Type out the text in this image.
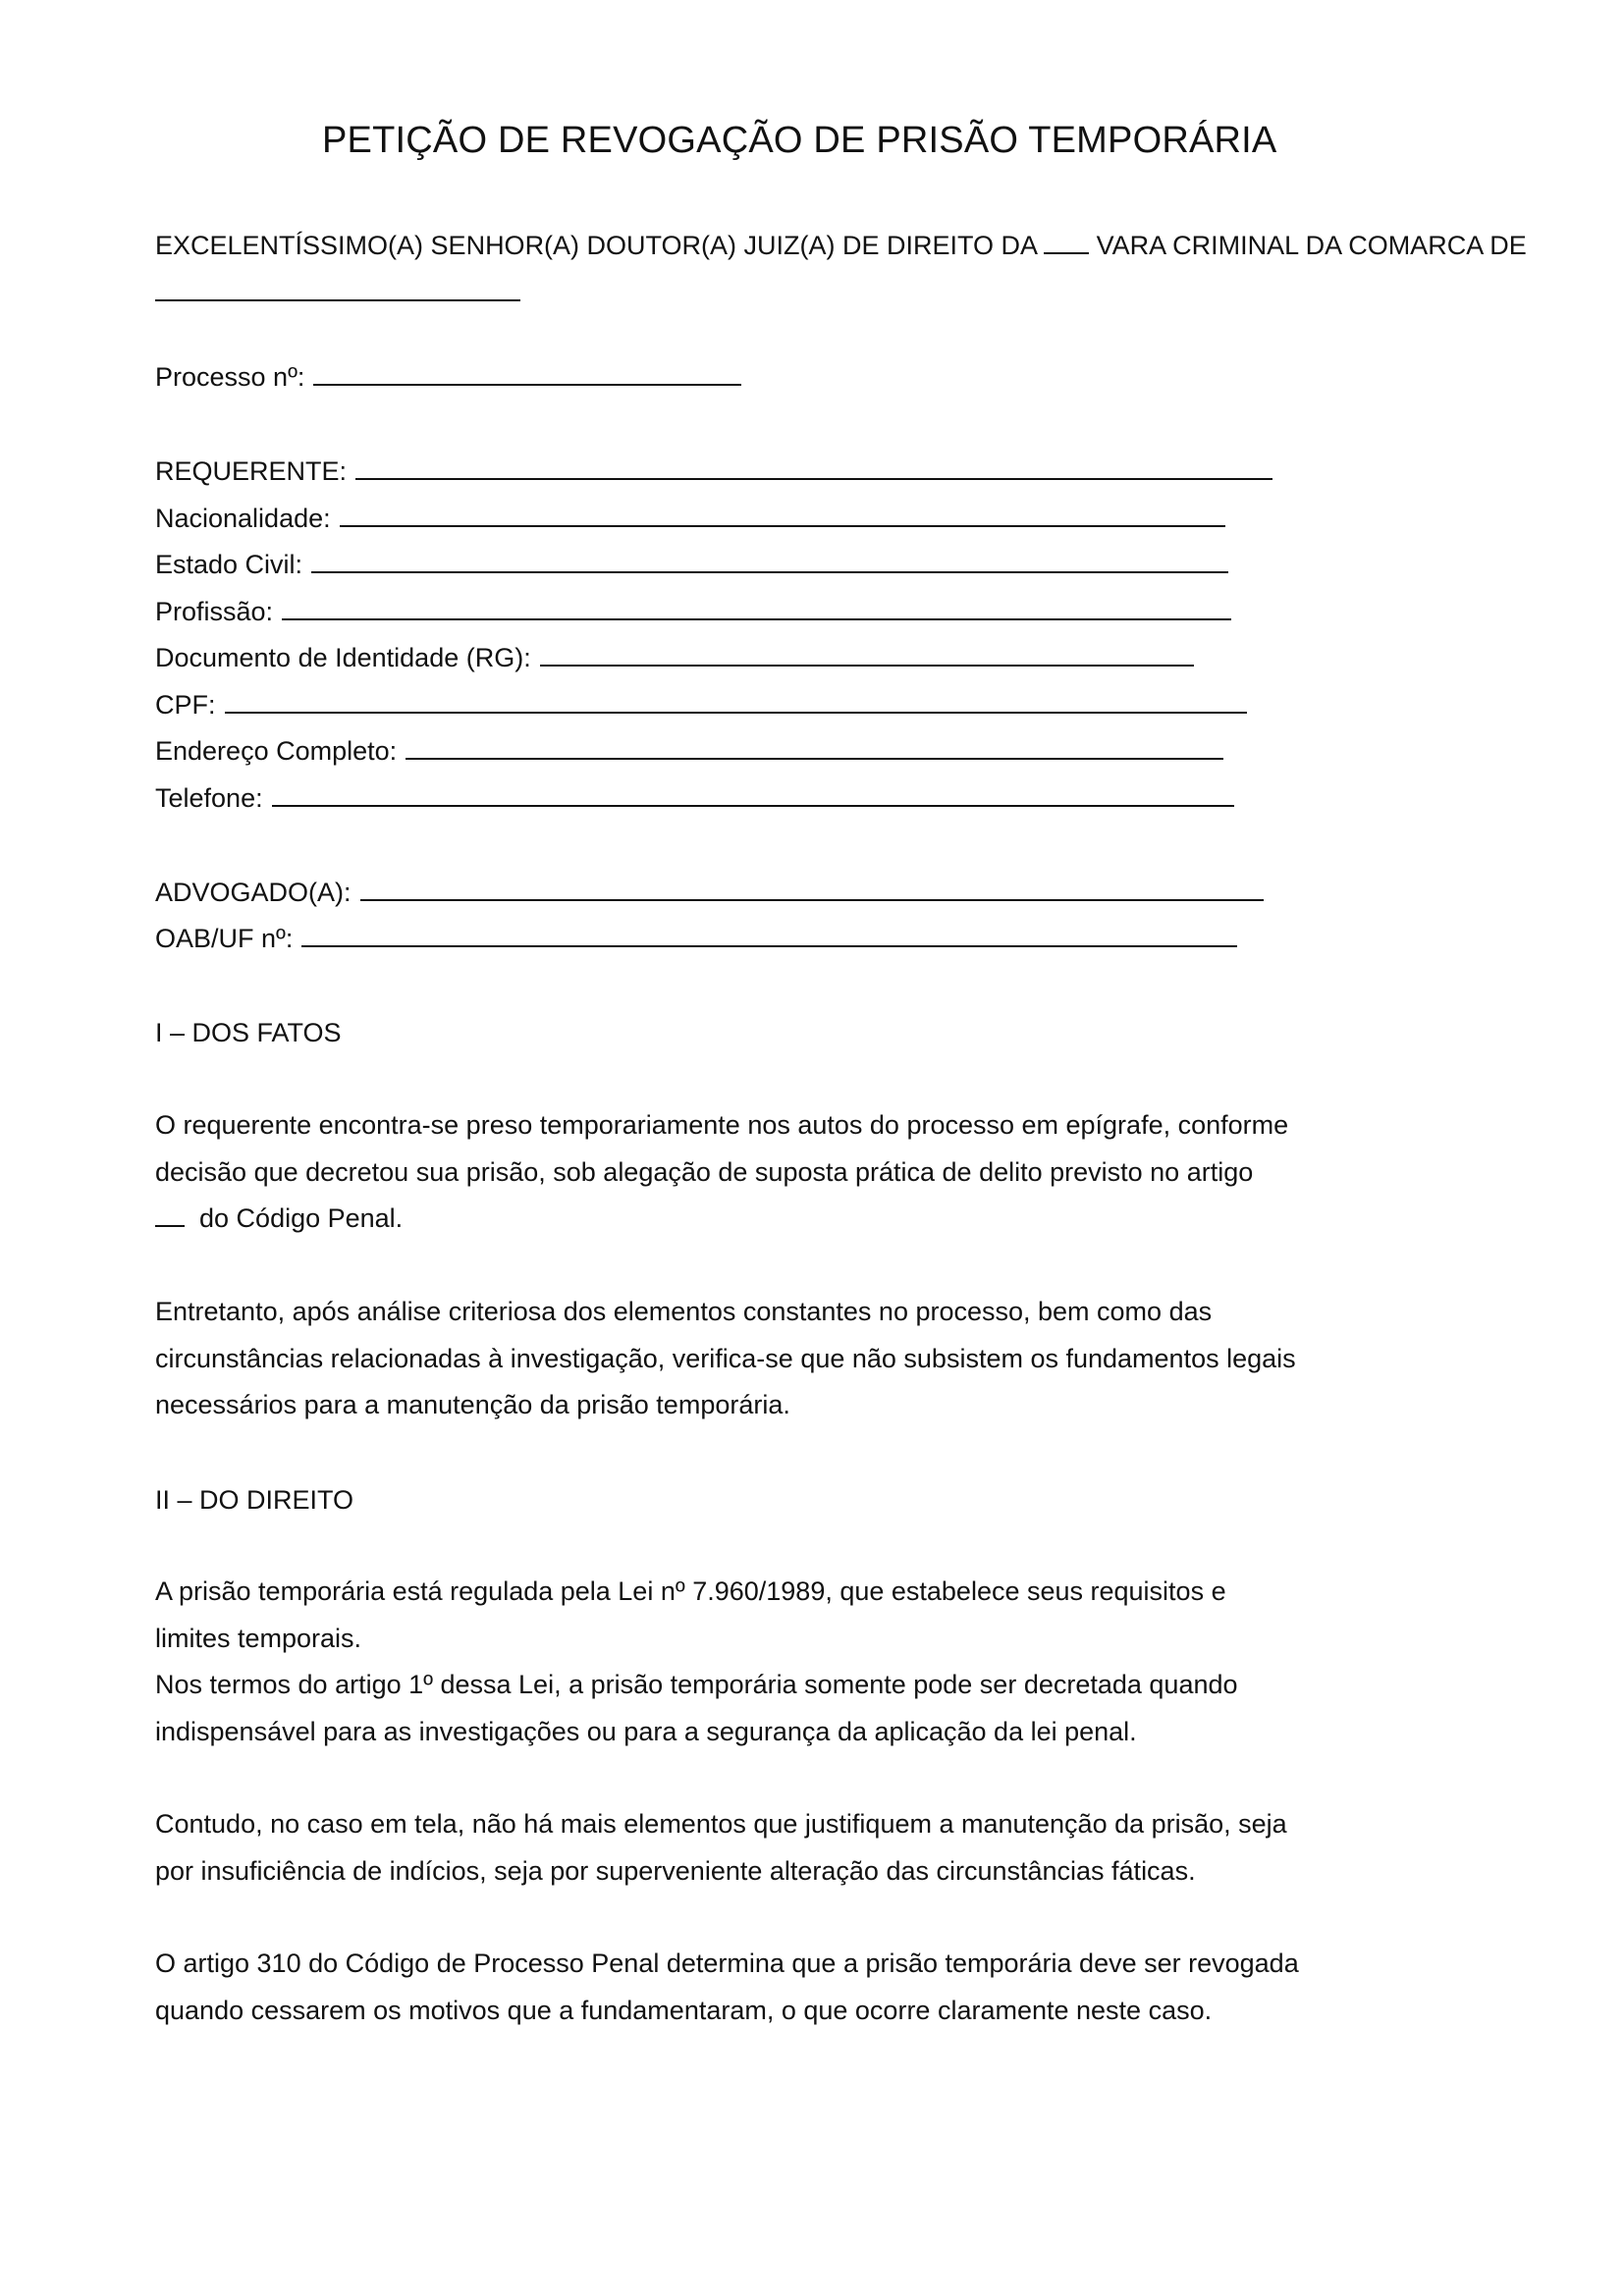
PETIÇÃO DE REVOGAÇÃO DE PRISÃO TEMPORÁRIA
EXCELENTÍSSIMO(A) SENHOR(A) DOUTOR(A) JUIZ(A) DE DIREITO DA VARA CRIMINAL DA COMARCA DE
Processo nº:
REQUERENTE:
Nacionalidade:
Estado Civil:
Profissão:
Documento de Identidade (RG):
CPF:
Endereço Completo:
Telefone:
ADVOGADO(A):
OAB/UF nº:
I – DOS FATOS

O requerente encontra-se preso temporariamente nos autos do processo em epígrafe, conforme

decisão que decretou sua prisão, sob alegação de suposta prática de delito previsto no artigo

do Código Penal.

Entretanto, após análise criteriosa dos elementos constantes no processo, bem como das

circunstâncias relacionadas à investigação, verifica-se que não subsistem os fundamentos legais

necessários para a manutenção da prisão temporária.

II – DO DIREITO

A prisão temporária está regulada pela Lei nº 7.960/1989, que estabelece seus requisitos e

limites temporais.

Nos termos do artigo 1º dessa Lei, a prisão temporária somente pode ser decretada quando

indispensável para as investigações ou para a segurança da aplicação da lei penal.

Contudo, no caso em tela, não há mais elementos que justifiquem a manutenção da prisão, seja

por insuficiência de indícios, seja por superveniente alteração das circunstâncias fáticas.

O artigo 310 do Código de Processo Penal determina que a prisão temporária deve ser revogada

quando cessarem os motivos que a fundamentaram, o que ocorre claramente neste caso.
